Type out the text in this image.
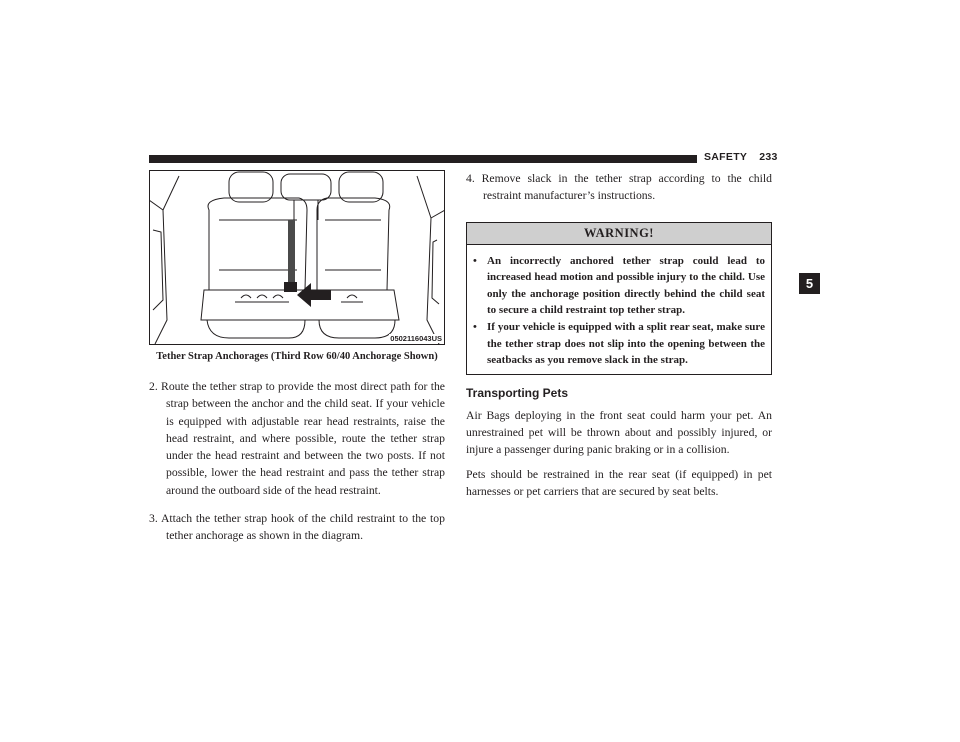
SAFETY 233
5
0502116043US
Tether Strap Anchorages (Third Row 60/40 Anchorage Shown)

2. Route the tether strap to provide the most direct path for the strap between the anchor and the child seat. If your vehicle is equipped with adjustable rear head restraints, raise the head restraint, and where possible, route the tether strap under the head restraint and between the two posts. If not possible, lower the head restraint and pass the tether strap around the outboard side of the head restraint.

3. Attach the tether strap hook of the child restraint to the top tether anchorage as shown in the diagram.

4. Remove slack in the tether strap according to the child restraint manufacturer’s instructions.

WARNING!
• An incorrectly anchored tether strap could lead to increased head motion and possible injury to the child. Use only the anchorage position directly behind the child seat to secure a child restraint top tether strap.
• If your vehicle is equipped with a split rear seat, make sure the tether strap does not slip into the opening between the seatbacks as you remove slack in the strap.
Transporting Pets

Air Bags deploying in the front seat could harm your pet. An unrestrained pet will be thrown about and possibly injured, or injure a passenger during panic braking or in a collision.

Pets should be restrained in the rear seat (if equipped) in pet harnesses or pet carriers that are secured by seat belts.
